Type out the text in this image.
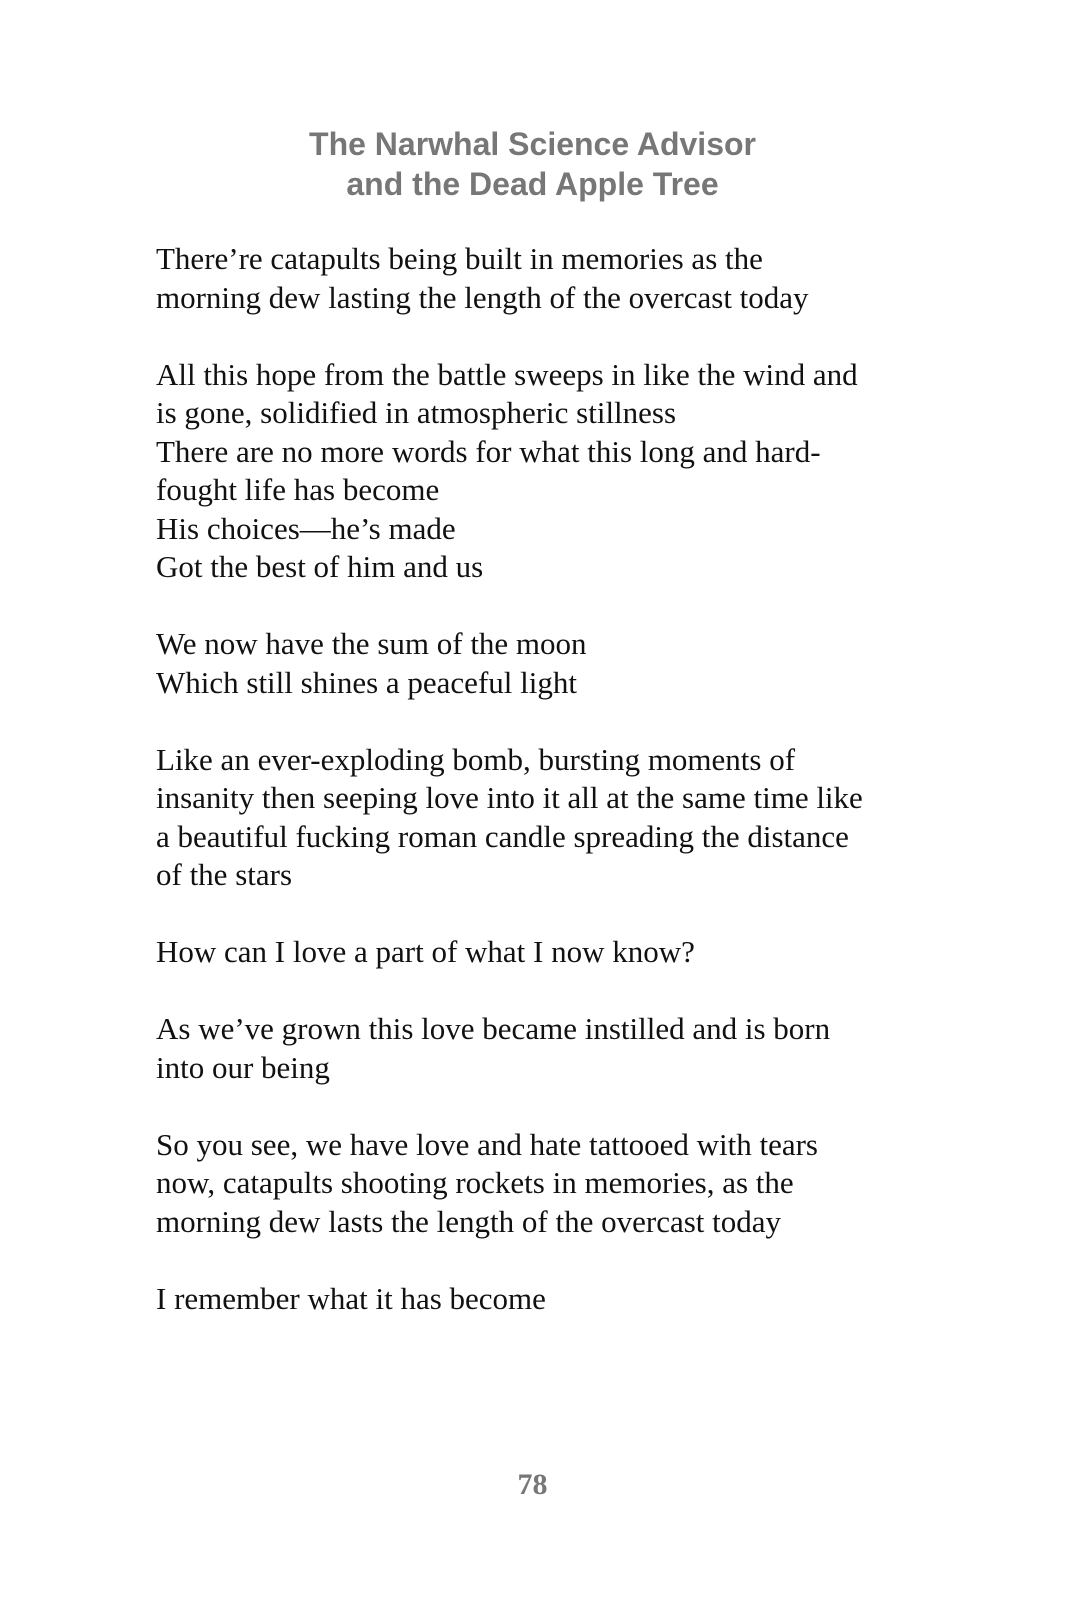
The Narwhal Science Advisor
and the Dead Apple Tree
There’re catapults being built in memories as the
morning dew lasting the length of the overcast today
All this hope from the battle sweeps in like the wind and
is gone, solidified in atmospheric stillness
There are no more words for what this long and hard-
fought life has become
His choices—he’s made
Got the best of him and us
We now have the sum of the moon
Which still shines a peaceful light
Like an ever-exploding bomb, bursting moments of
insanity then seeping love into it all at the same time like
a beautiful fucking roman candle spreading the distance
of the stars
How can I love a part of what I now know?
As we’ve grown this love became instilled and is born
into our being
So you see, we have love and hate tattooed with tears
now, catapults shooting rockets in memories, as the
morning dew lasts the length of the overcast today
I remember what it has become
78
